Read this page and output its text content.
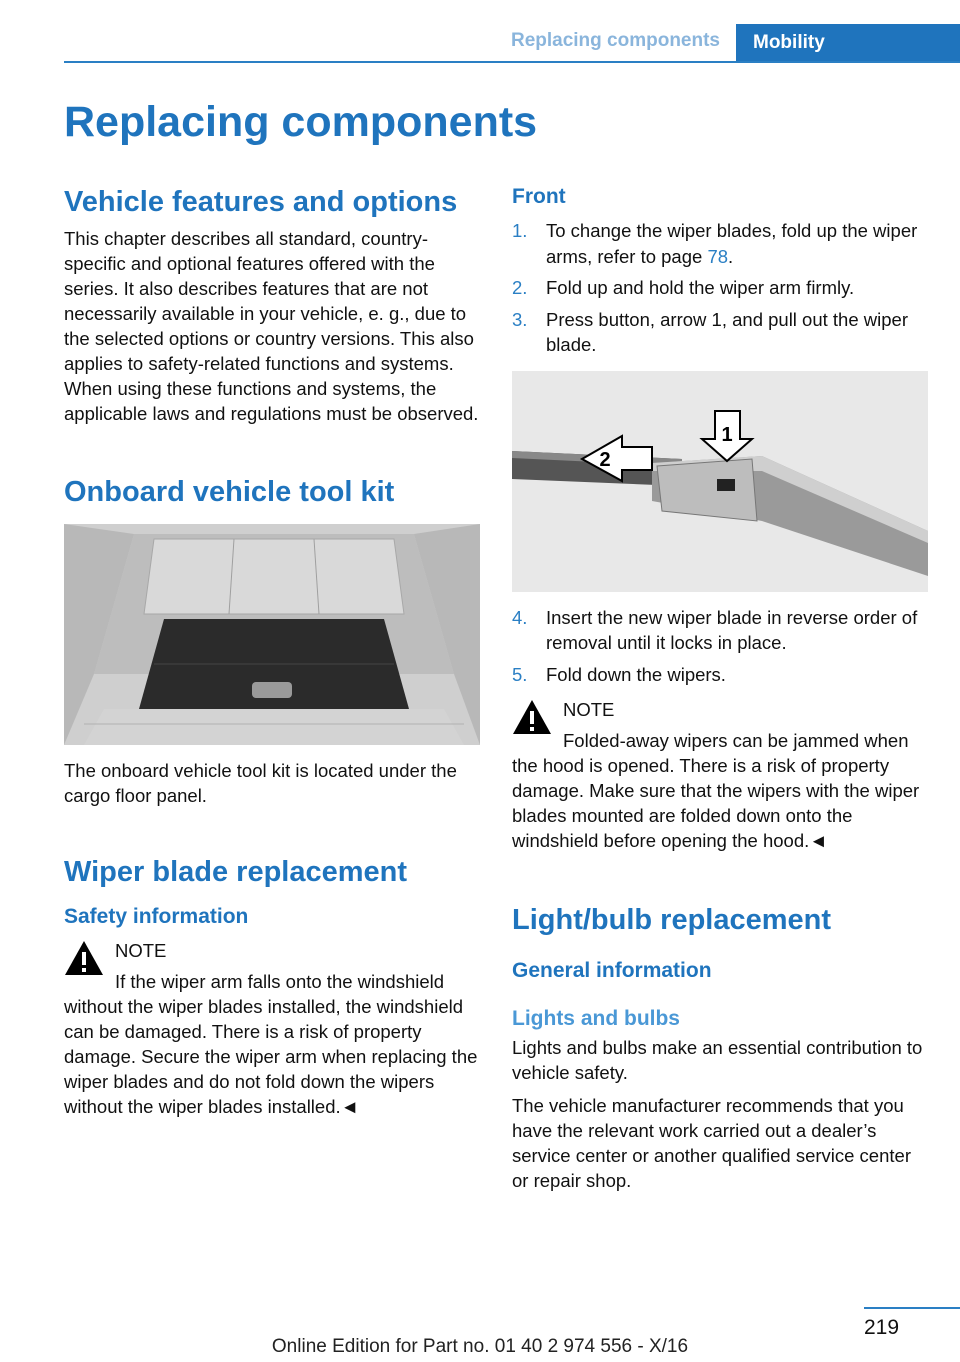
Replacing components	Mobility
Replacing components
Vehicle features and options

This chapter describes all standard, country-specific and optional features offered with the series. It also describes features that are not necessarily available in your vehicle, e. g., due to the selected options or country versions. This also applies to safety-related functions and systems. When using these functions and systems, the applicable laws and regulations must be observed.

Onboard vehicle tool kit

The onboard vehicle tool kit is located under the cargo floor panel.

Wiper blade replacement
Safety information

NOTE

If the wiper arm falls onto the windshield without the wiper blades installed, the windshield can be damaged. There is a risk of property damage. Secure the wiper arm when replacing the wiper blades and do not fold down the wipers without the wiper blades installed.◄

Front
1. To change the wiper blades, fold up the wiper arms, refer to page 78.
2. Fold up and hold the wiper arm firmly.
3. Press button, arrow 1, and pull out the wiper blade.
1
2
4. Insert the new wiper blade in reverse order of removal until it locks in place.
5. Fold down the wipers.

NOTE

Folded-away wipers can be jammed when the hood is opened. There is a risk of property damage. Make sure that the wipers with the wiper blades mounted are folded down onto the windshield before opening the hood.◄

Light/bulb replacement
General information
Lights and bulbs

Lights and bulbs make an essential contribution to vehicle safety.

The vehicle manufacturer recommends that you have the relevant work carried out a dealer’s service center or another qualified service center or repair shop.

219
Online Edition for Part no. 01 40 2 974 556 - X/16
